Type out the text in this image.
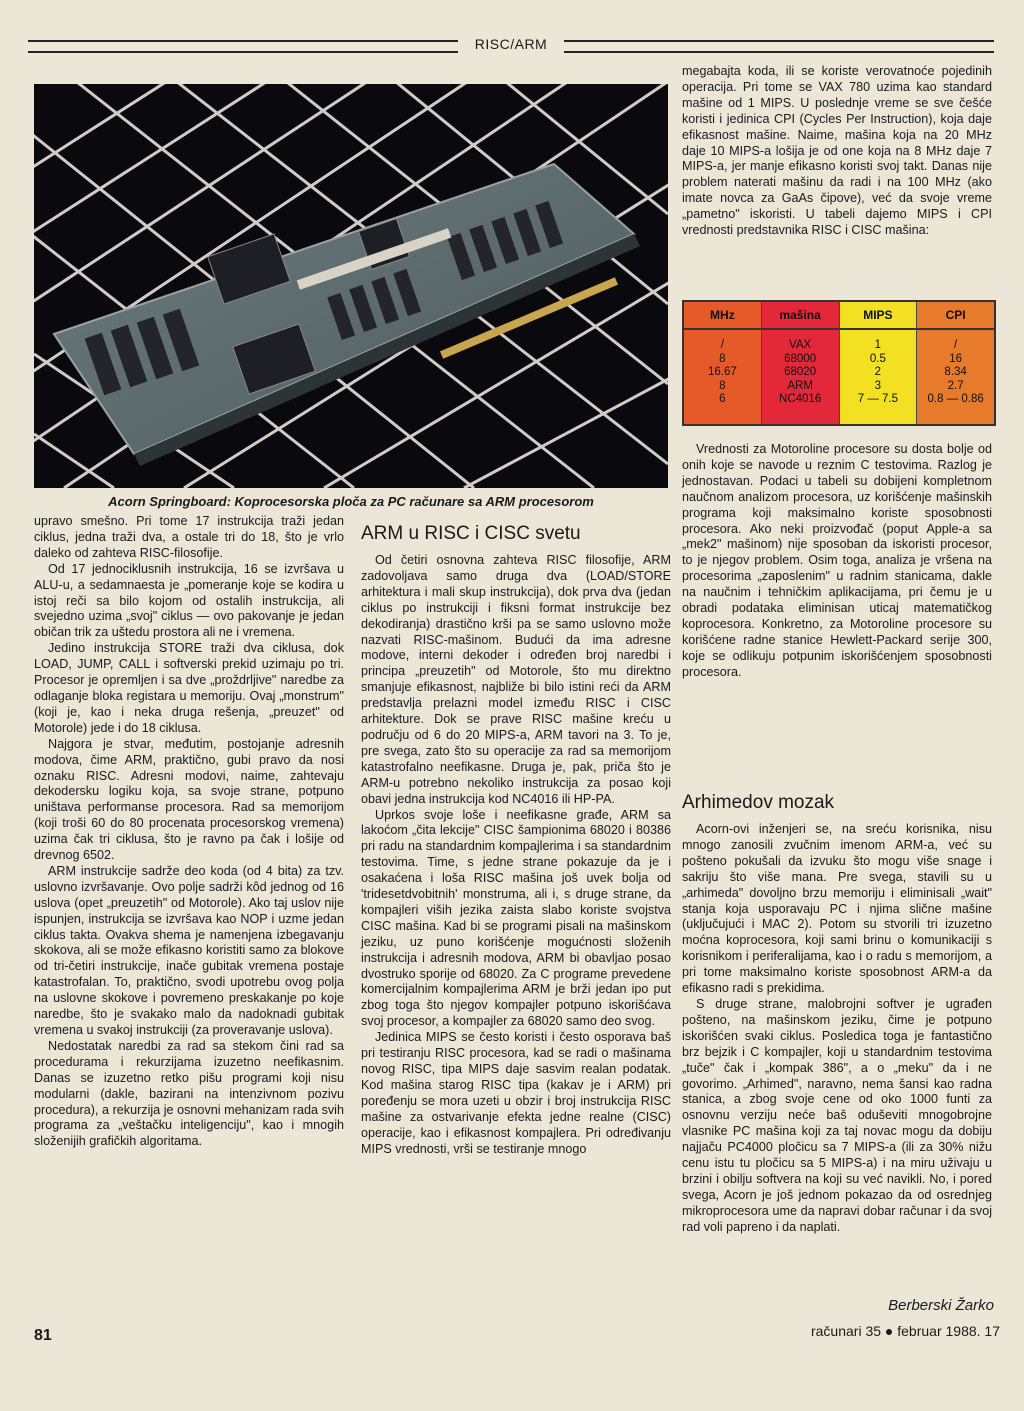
RISC/ARM
Acorn Springboard: Koprocesorska ploča za PC računare sa ARM procesorom

upravo smešno. Pri tome 17 instrukcija traži jedan ciklus, jedna traži dva, a ostale tri do 18, što je vrlo daleko od zahteva RISC-filosofije.

Od 17 jednociklusnih instrukcija, 16 se izvršava u ALU-u, a sedamnaesta je „pomeranje koje se kodira u istoj reči sa bilo kojom od ostalih instrukcija, ali svejedno uzima „svoj" ciklus — ovo pakovanje je jedan običan trik za uštedu prostora ali ne i vremena.

Jedino instrukcija STORE traži dva ciklusa, dok LOAD, JUMP, CALL i softverski prekid uzimaju po tri. Procesor je opremljen i sa dve „proždrljive" naredbe za odlaganje bloka registara u memoriju. Ovaj „monstrum" (koji je, kao i neka druga rešenja, „preuzet" od Motorole) jede i do 18 ciklusa.

Najgora je stvar, međutim, postojanje adresnih modova, čime ARM, praktično, gubi pravo da nosi oznaku RISC. Adresni modovi, naime, zahtevaju dekodersku logiku koja, sa svoje strane, potpuno uništava performanse procesora. Rad sa memorijom (koji troši 60 do 80 procenata procesorskog vremena) uzima čak tri ciklusa, što je ravno pa čak i lošije od drevnog 6502.

ARM instrukcije sadrže deo koda (od 4 bita) za tzv. uslovno izvršavanje. Ovo polje sadrži kôd jednog od 16 uslova (opet „preuzetih" od Motorole). Ako taj uslov nije ispunjen, instrukcija se izvršava kao NOP i uzme jedan ciklus takta. Ovakva shema je namenjena izbegavanju skokova, ali se može efikasno koristiti samo za blokove od tri-četiri instrukcije, inače gubitak vremena postaje katastrofalan. To, praktično, svodi upotrebu ovog polja na uslovne skokove i povremeno preskakanje po koje naredbe, što je svakako malo da nadoknadi gubitak vremena u svakoj instrukciji (za proveravanje uslova).

Nedostatak naredbi za rad sa stekom čini rad sa procedurama i rekurzijama izuzetno neefikasnim. Danas se izuzetno retko pišu programi koji nisu modularni (dakle, bazirani na intenzivnom pozivu procedura), a rekurzija je osnovni mehanizam rada svih programa za „veštačku inteligenciju", kao i mnogih složenijih grafičkih algoritama.

ARM u RISC i CISC svetu

Od četiri osnovna zahteva RISC filosofije, ARM zadovoljava samo druga dva (LOAD/STORE arhitektura i mali skup instrukcija), dok prva dva (jedan ciklus po instrukciji i fiksni format instrukcije bez dekodiranja) drastično krši pa se samo uslovno može nazvati RISC-mašinom. Budući da ima adresne modove, interni dekoder i određen broj naredbi i principa „preuzetih" od Motorole, što mu direktno smanjuje efikasnost, najbliže bi bilo istini reći da ARM predstavlja prelazni model između RISC i CISC arhitekture. Dok se prave RISC mašine kreću u području od 6 do 20 MIPS-a, ARM tavori na 3. To je, pre svega, zato što su operacije za rad sa memorijom katastrofalno neefikasne. Druga je, pak, priča što je ARM-u potrebno nekoliko instrukcija za posao koji obavi jedna instrukcija kod NC4016 ili HP-PA.

Uprkos svoje loše i neefikasne građe, ARM sa lakoćom „čita lekcije" CISC šampionima 68020 i 80386 pri radu na standardnim kompajlerima i sa standardnim testovima. Time, s jedne strane pokazuje da je i osakaćena i loša RISC mašina još uvek bolja od 'tridesetdvobitnih' monstruma, ali i, s druge strane, da kompajleri viših jezika zaista slabo koriste svojstva CISC mašina. Kad bi se programi pisali na mašinskom jeziku, uz puno korišćenje mogućnosti složenih instrukcija i adresnih modova, ARM bi obavljao posao dvostruko sporije od 68020. Za C programe prevedene komercijalnim kompajlerima ARM je brži jedan ipo put zbog toga što njegov kompajler potpuno iskorišćava svoj procesor, a kompajler za 68020 samo deo svog.

Jedinica MIPS se često koristi i često osporava baš pri testiranju RISC procesora, kad se radi o mašinama novog RISC, tipa MIPS daje sasvim realan podatak. Kod mašina starog RISC tipa (kakav je i ARM) pri poređenju se mora uzeti u obzir i broj instrukcija RISC mašine za ostvarivanje efekta jedne realne (CISC) operacije, kao i efikasnost kompajlera. Pri određivanju MIPS vrednosti, vrši se testiranje mnogo

megabajta koda, ili se koriste verovatnoće pojedinih operacija. Pri tome se VAX 780 uzima kao standard mašine od 1 MIPS. U poslednje vreme se sve češće koristi i jedinica CPI (Cycles Per Instruction), koja daje efikasnost mašine. Naime, mašina koja na 20 MHz daje 10 MIPS-a lošija je od one koja na 8 MHz daje 7 MIPS-a, jer manje efikasno koristi svoj takt. Danas nije problem naterati mašinu da radi i na 100 MHz (ako imate novca za GaAs čipove), već da svoje vreme „pametno" iskoristi. U tabeli dajemo MIPS i CPI vrednosti predstavnika RISC i CISC mašina:

MHz
/
8
16.67
8
6
mašina
VAX
68000
68020
ARM
NC4016
MIPS
1
0.5
2
3
7 — 7.5
CPI
/
16
8.34
2.7
0.8 — 0.86

Vrednosti za Motoroline procesore su dosta bolje od onih koje se navode u reznim C testovima. Razlog je jednostavan. Podaci u tabeli su dobijeni kompletnom naučnom analizom procesora, uz korišćenje mašinskih programa koji maksimalno koriste sposobnosti procesora. Ako neki proizvođač (poput Apple-a sa „mek2" mašinom) nije sposoban da iskoristi procesor, to je njegov problem. Osim toga, analiza je vršena na procesorima „zaposlenim" u radnim stanicama, dakle na naučnim i tehničkim aplikacijama, pri čemu je u obradi podataka eliminisan uticaj matematičkog koprocesora. Konkretno, za Motoroline procesore su korišćene radne stanice Hewlett-Packard serije 300, koje se odlikuju potpunim iskorišćenjem sposobnosti procesora.

Arhimedov mozak

Acorn-ovi inženjeri se, na sreću korisnika, nisu mnogo zanosili zvučnim imenom ARM-a, već su pošteno pokušali da izvuku što mogu više snage i sakriju što više mana. Pre svega, stavili su u „arhimeda" dovoljno brzu memoriju i eliminisali „wait" stanja koja usporavaju PC i njima slične mašine (uključujući i MAC 2). Potom su stvorili tri izuzetno moćna koprocesora, koji sami brinu o komunikaciji s korisnikom i periferalijama, kao i o radu s memorijom, a pri tome maksimalno koriste sposobnost ARM-a da efikasno radi s prekidima.

S druge strane, malobrojni softver je ugrađen pošteno, na mašinskom jeziku, čime je potpuno iskorišćen svaki ciklus. Posledica toga je fantastično brz bejzik i C kompajler, koji u standardnim testovima „tuče" čak i „kompak 386", a o „meku" da i ne govorimo. „Arhimed", naravno, nema šansi kao radna stanica, a zbog svoje cene od oko 1000 funti za osnovnu verziju neće baš oduševiti mnogobrojne vlasnike PC mašina koji za taj novac mogu da dobiju najjaču PC4000 pločicu sa 7 MIPS-a (ili za 30% nižu cenu istu tu pločicu sa 5 MIPS-a) i na miru uživaju u brzini i obilju softvera na koji su već navikli. No, i pored svega, Acorn je još jednom pokazao da od osrednjeg mikroprocesora ume da napravi dobar računar i da svoj rad voli papreno i da naplati.

Berberski Žarko
računari 35 ● februar 1988. 17
81
